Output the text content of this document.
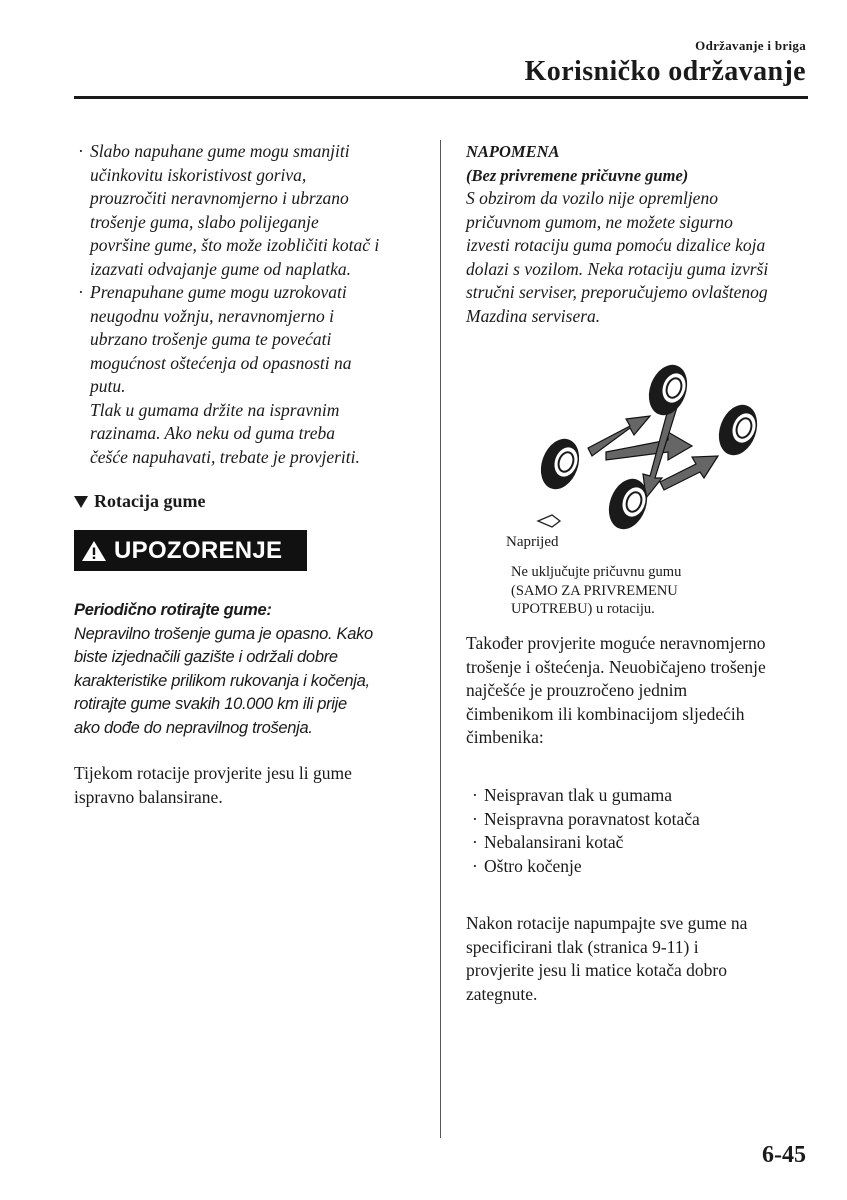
Održavanje i briga
Korisničko održavanje
· Slabo napuhane gume mogu smanjiti
učinkovitu iskoristivost goriva,
prouzročiti neravnomjerno i ubrzano
trošenje guma, slabo polijeganje
površine gume, što može izobličiti kotač i
izazvati odvajanje gume od naplatka.
· Prenapuhane gume mogu uzrokovati
neugodnu vožnju, neravnomjerno i
ubrzano trošenje guma te povećati
mogućnost oštećenja od opasnosti na
putu.
Tlak u gumama držite na ispravnim
razinama. Ako neku od guma treba
češće napuhavati, trebate je provjeriti.
Rotacija gume
UPOZORENJE
Periodično rotirajte gume:
Nepravilno trošenje guma je opasno. Kako
biste izjednačili gazište i održali dobre
karakteristike prilikom rukovanja i kočenja,
rotirajte gume svakih 10.000 km ili prije
ako dođe do nepravilnog trošenja.
Tijekom rotacije provjerite jesu li gume
ispravno balansirane.
NAPOMENA
(Bez privremene pričuvne gume)
S obzirom da vozilo nije opremljeno
pričuvnom gumom, ne možete sigurno
izvesti rotaciju guma pomoću dizalice koja
dolazi s vozilom. Neka rotaciju guma izvrši
stručni serviser, preporučujemo ovlaštenog
Mazdina servisera.
Naprijed
Ne uključujte pričuvnu gumu
(SAMO ZA PRIVREMENU
UPOTREBU) u rotaciju.
Također provjerite moguće neravnomjerno
trošenje i oštećenja. Neuobičajeno trošenje
najčešće je prouzročeno jednim
čimbenikom ili kombinacijom sljedećih
čimbenika:
· Neispravan tlak u gumama
· Neispravna poravnatost kotača
· Nebalansirani kotač
· Oštro kočenje
Nakon rotacije napumpajte sve gume na
specificirani tlak (stranica 9-11) i
provjerite jesu li matice kotača dobro
zategnute.
6-45
